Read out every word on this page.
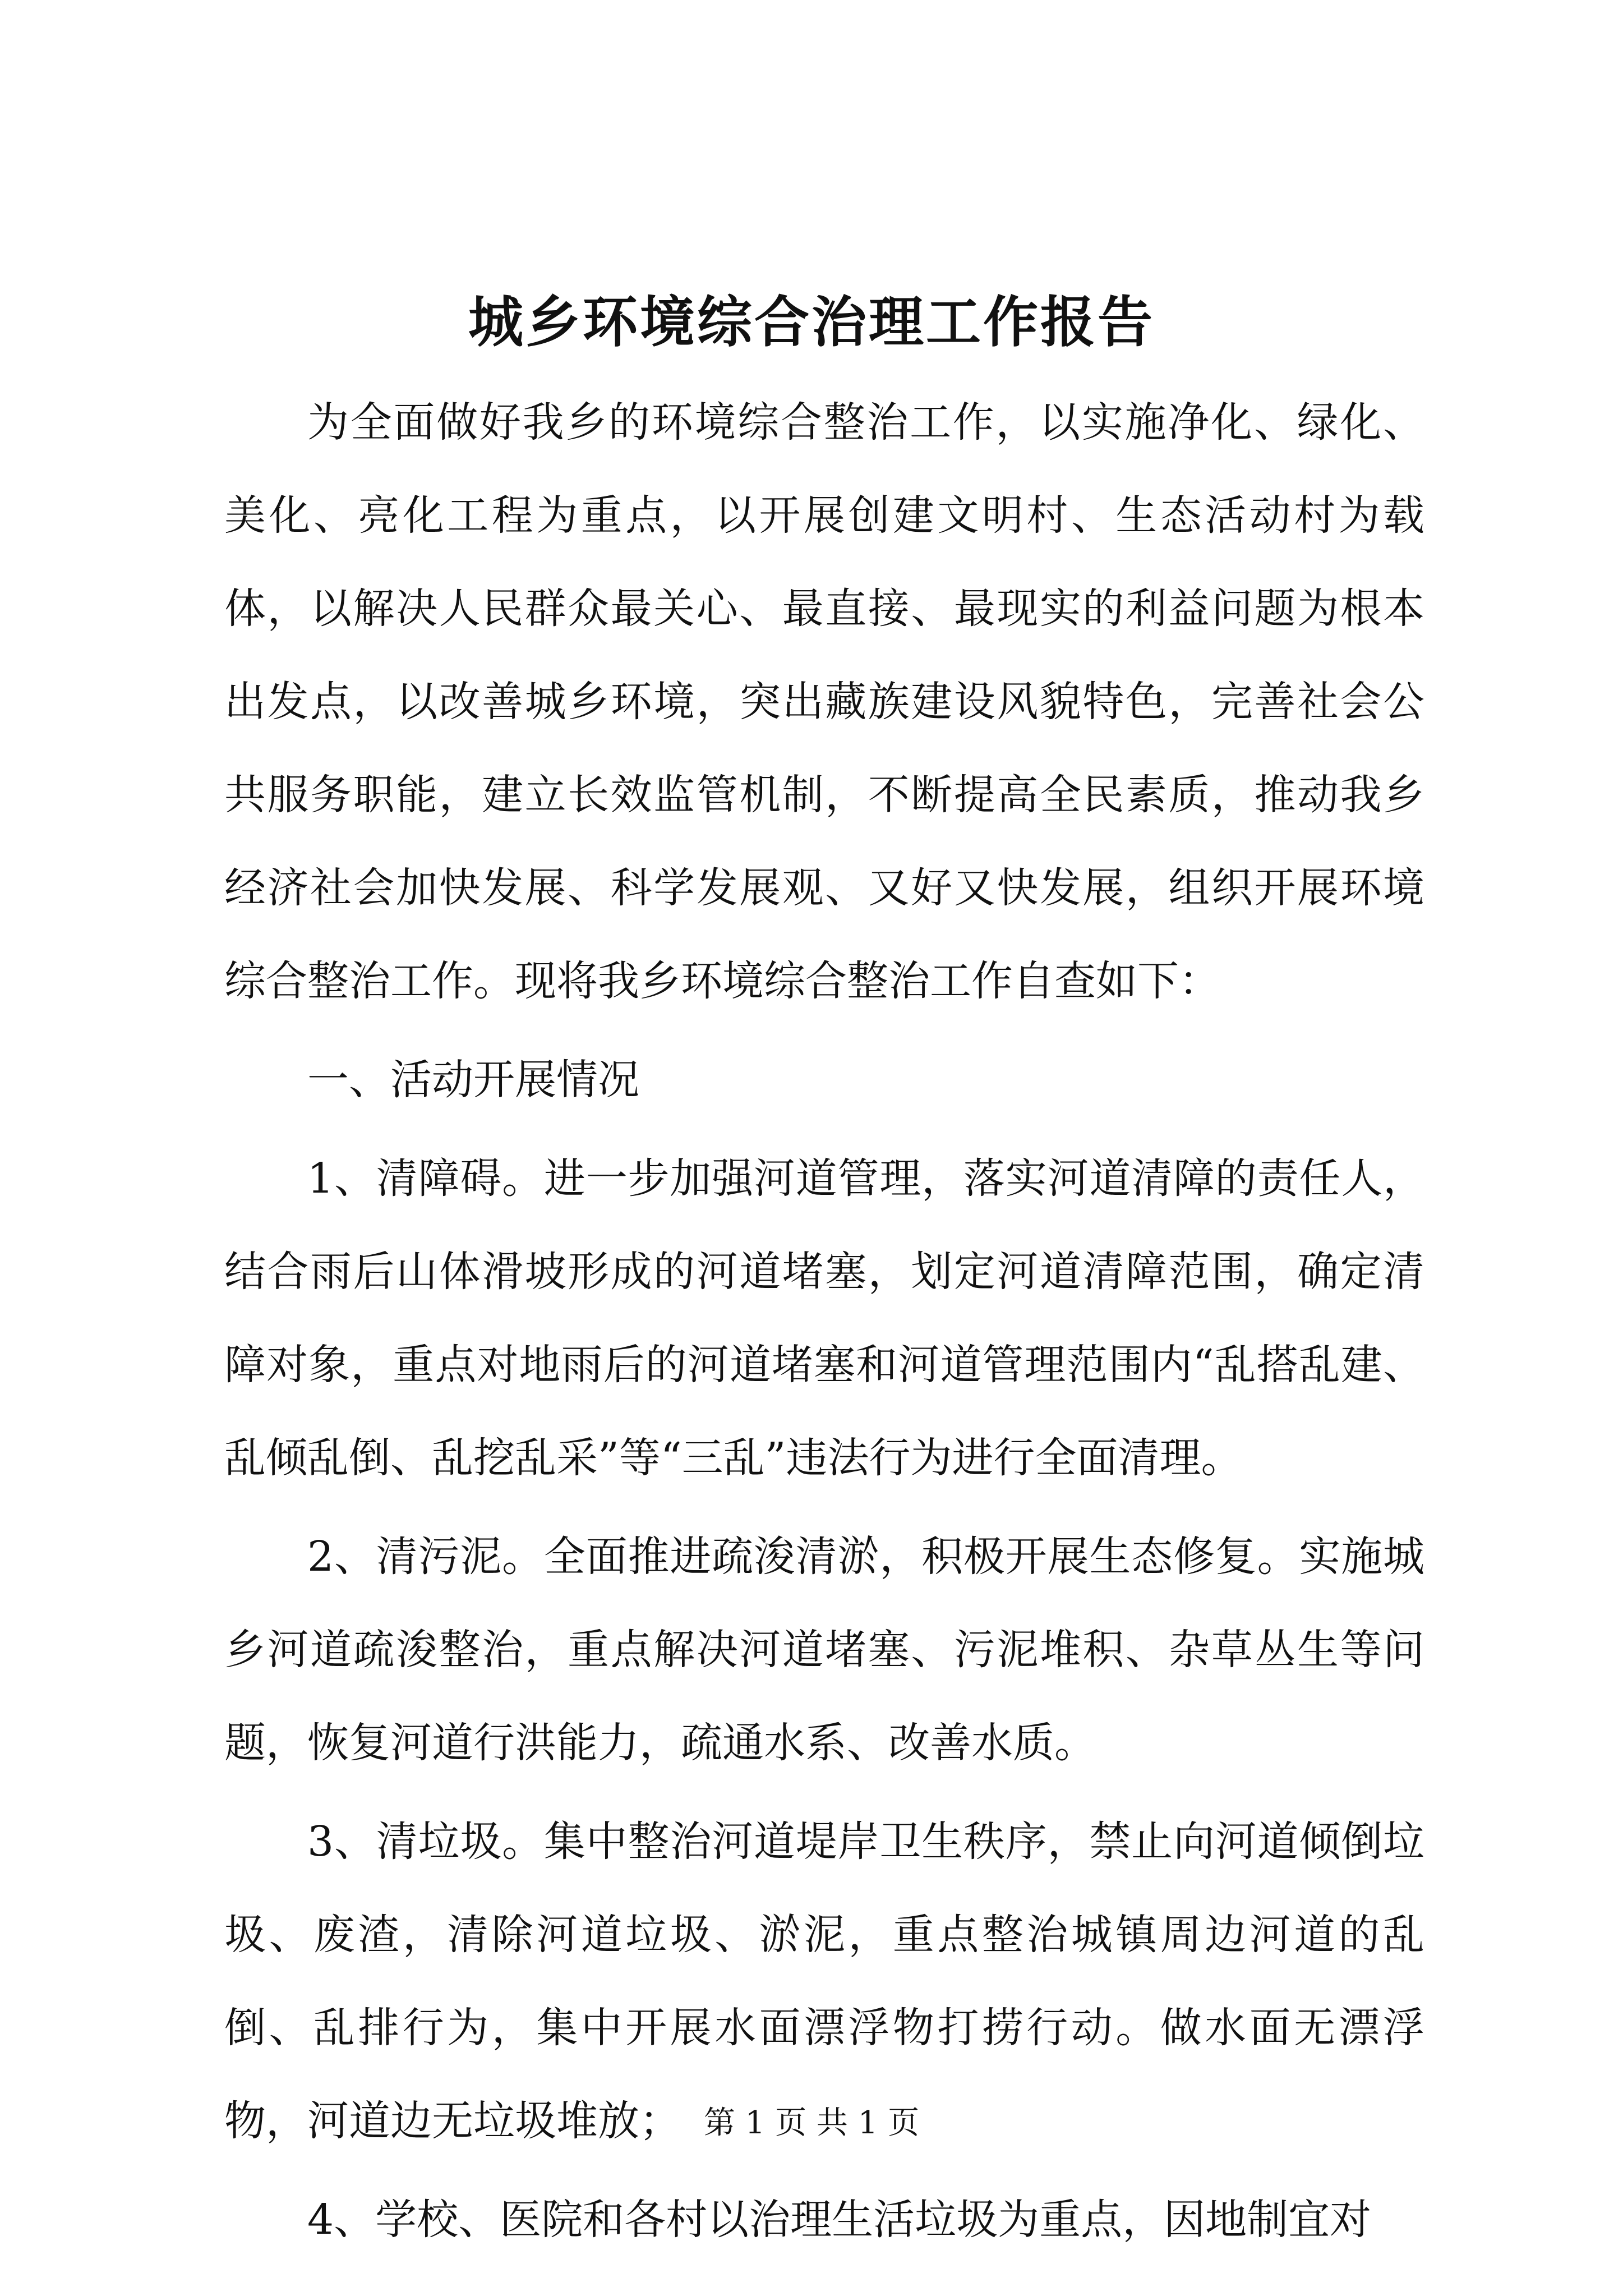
城乡环境综合治理工作报告

为全面做好我乡的环境综合整治工作，以实施净化、绿化、美化、亮化工程为重点，以开展创建文明村、生态活动村为载体，以解决人民群众最关心、最直接、最现实的利益问题为根本出发点，以改善城乡环境，突出藏族建设风貌特色，完善社会公共服务职能，建立长效监管机制，不断提高全民素质，推动我乡经济社会加快发展、科学发展观、又好又快发展，组织开展环境综合整治工作。现将我乡环境综合整治工作自查如下：

一、活动开展情况

1、清障碍。进一步加强河道管理，落实河道清障的责任人，结合雨后山体滑坡形成的河道堵塞，划定河道清障范围，确定清障对象，重点对地雨后的河道堵塞和河道管理范围内“乱搭乱建、乱倾乱倒、乱挖乱采”等“三乱”违法行为进行全面清理。

2、清污泥。全面推进疏浚清淤，积极开展生态修复。实施城乡河道疏浚整治，重点解决河道堵塞、污泥堆积、杂草丛生等问题，恢复河道行洪能力，疏通水系、改善水质。

3、清垃圾。集中整治河道堤岸卫生秩序，禁止向河道倾倒垃圾、废渣，清除河道垃圾、淤泥，重点整治城镇周边河道的乱倒、乱排行为，集中开展水面漂浮物打捞行动。做水面无漂浮物，河道边无垃圾堆放；

4、学校、医院和各村以治理生活垃圾为重点，因地制宜对

第 1 页 共 1 页
